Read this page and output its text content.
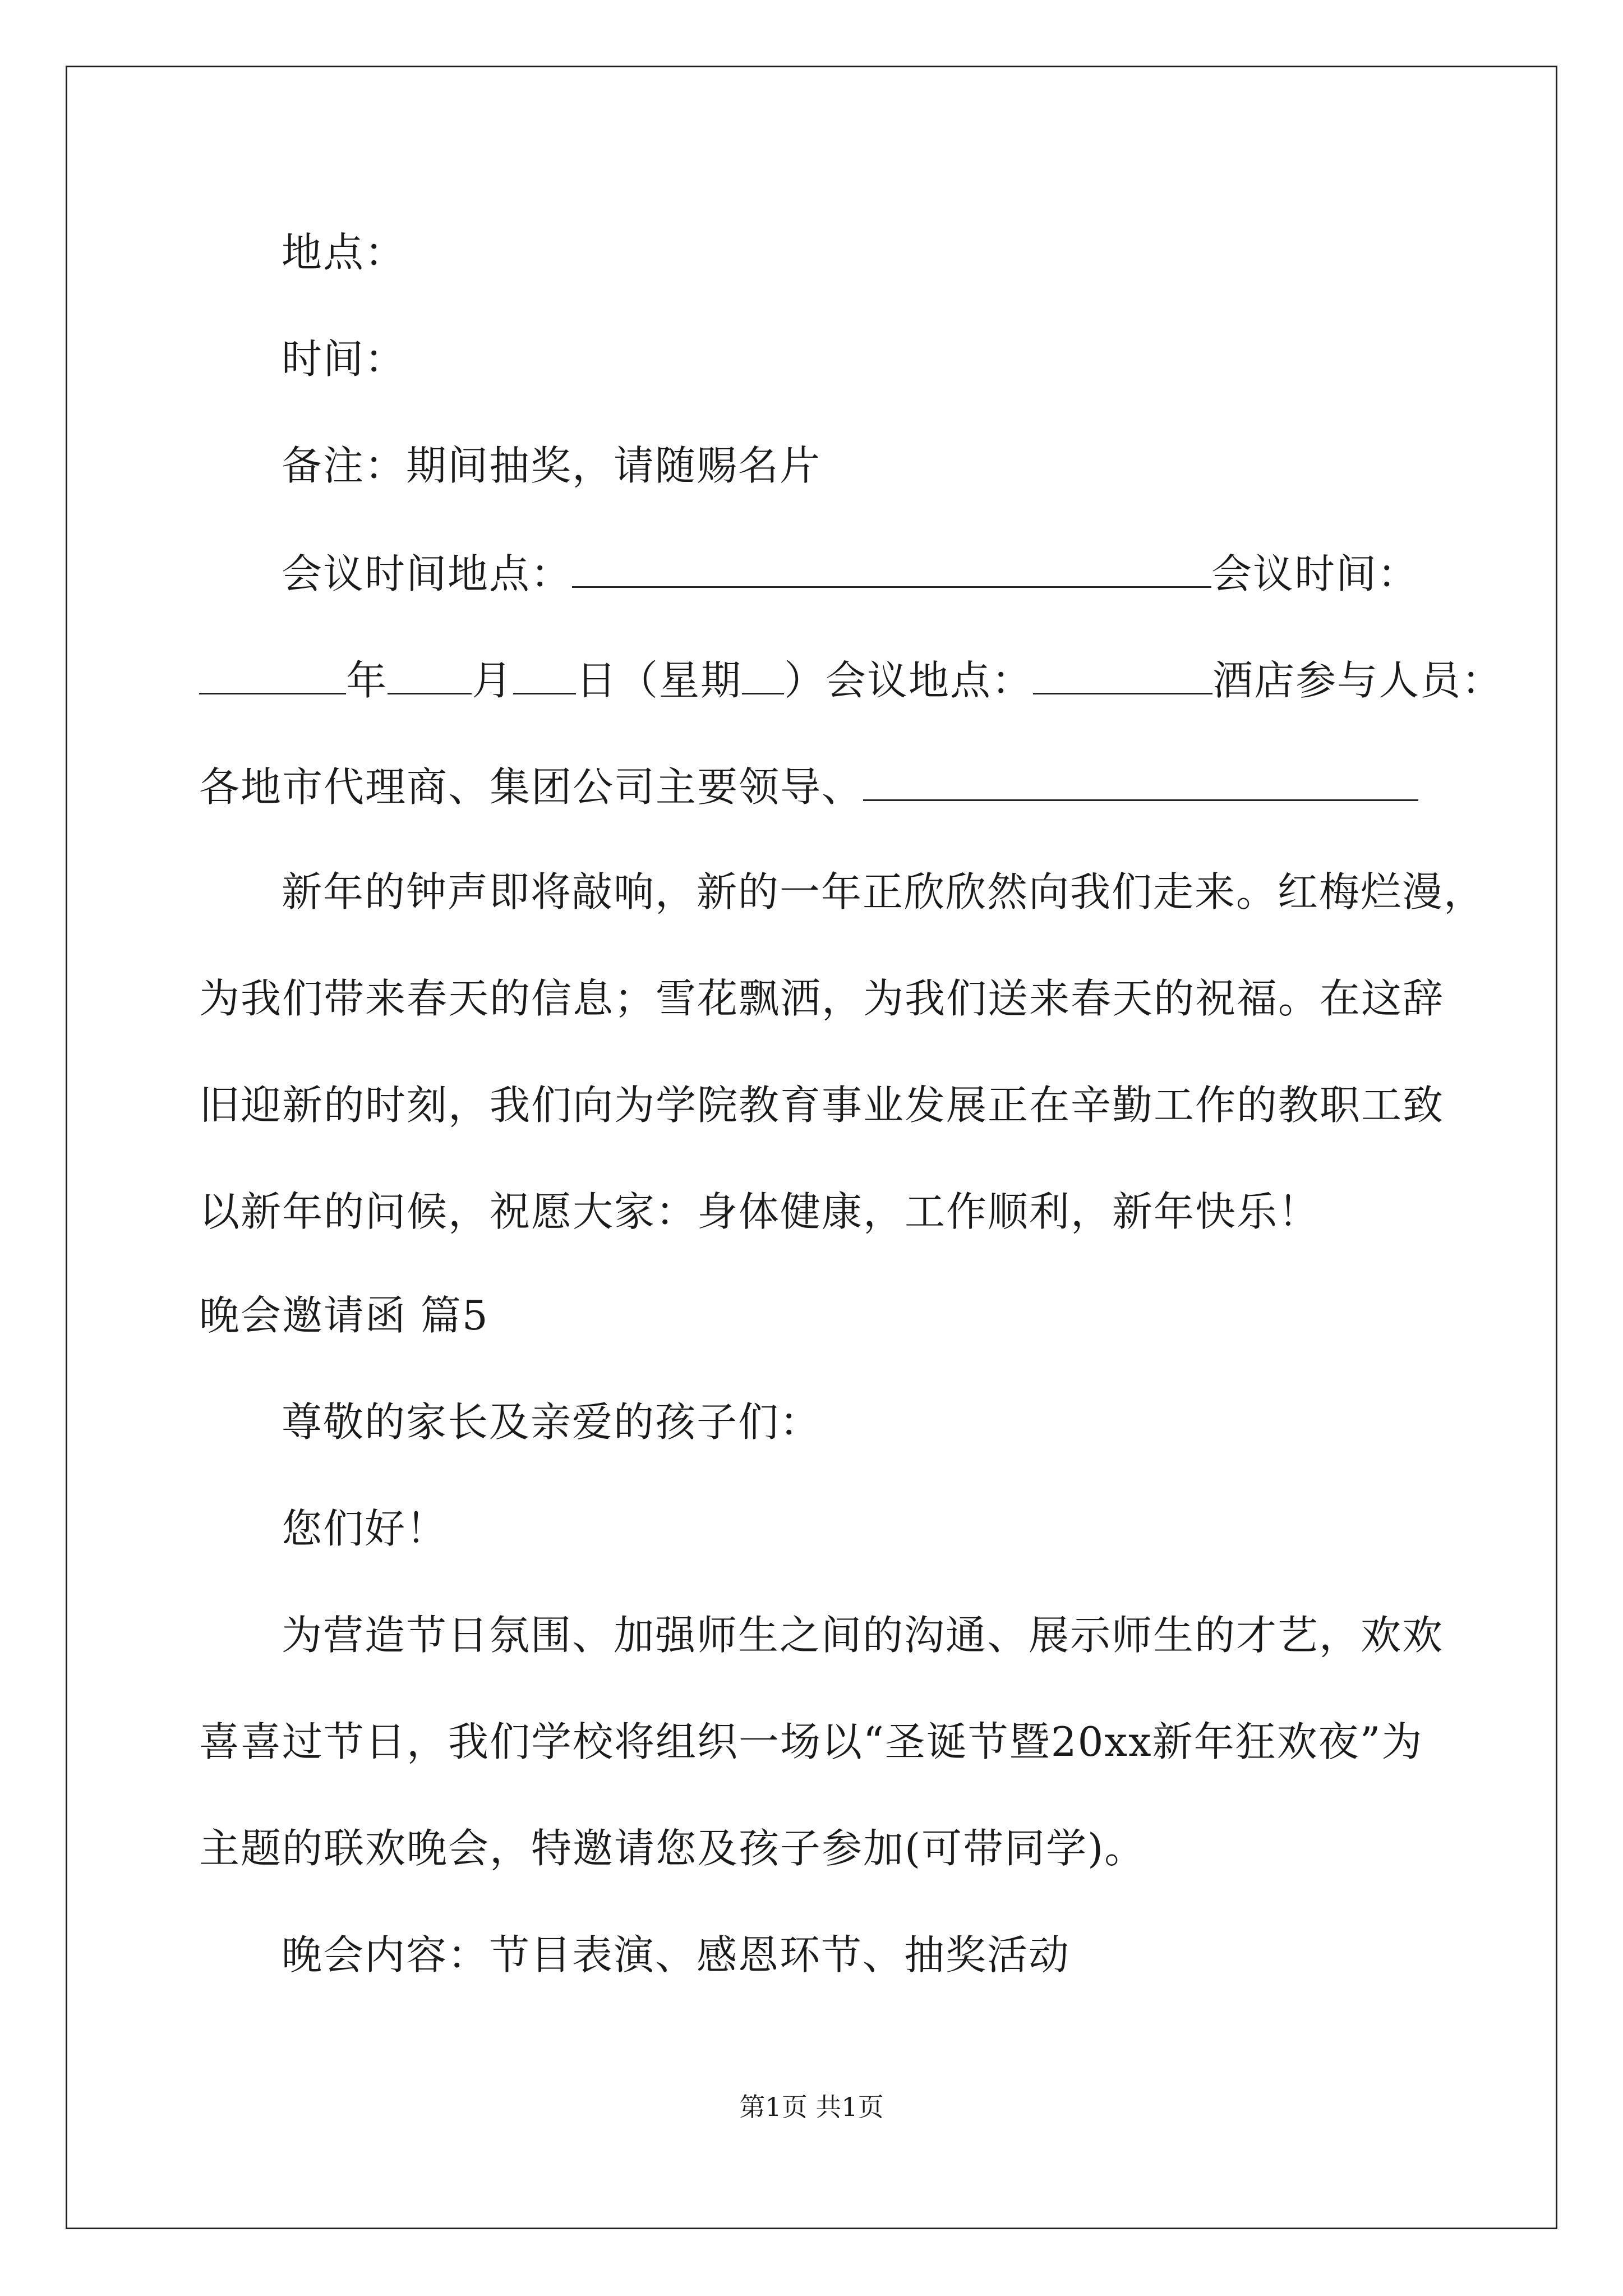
地点：
时间：
备注：期间抽奖，请随赐名片
会议时间地点：	会议时间：
年 月 日（星期 ）会议地点：	酒店参与人员：
各地市代理商、集团公司主要领导、
新年的钟声即将敲响，新的一年正欣欣然向我们走来。红梅烂漫，
为我们带来春天的信息；雪花飘洒，为我们送来春天的祝福。在这辞
旧迎新的时刻，我们向为学院教育事业发展正在辛勤工作的教职工致
以新年的问候，祝愿大家：身体健康，工作顺利，新年快乐！
晚会邀请函 篇5
尊敬的家长及亲爱的孩子们：
您们好！
为营造节日氛围、加强师生之间的沟通、展示师生的才艺，欢欢
喜喜过节日，我们学校将组织一场以“圣诞节暨20xx新年狂欢夜”为
主题的联欢晚会，特邀请您及孩子参加(可带同学)。
晚会内容：节目表演、感恩环节、抽奖活动
第1页 共1页
